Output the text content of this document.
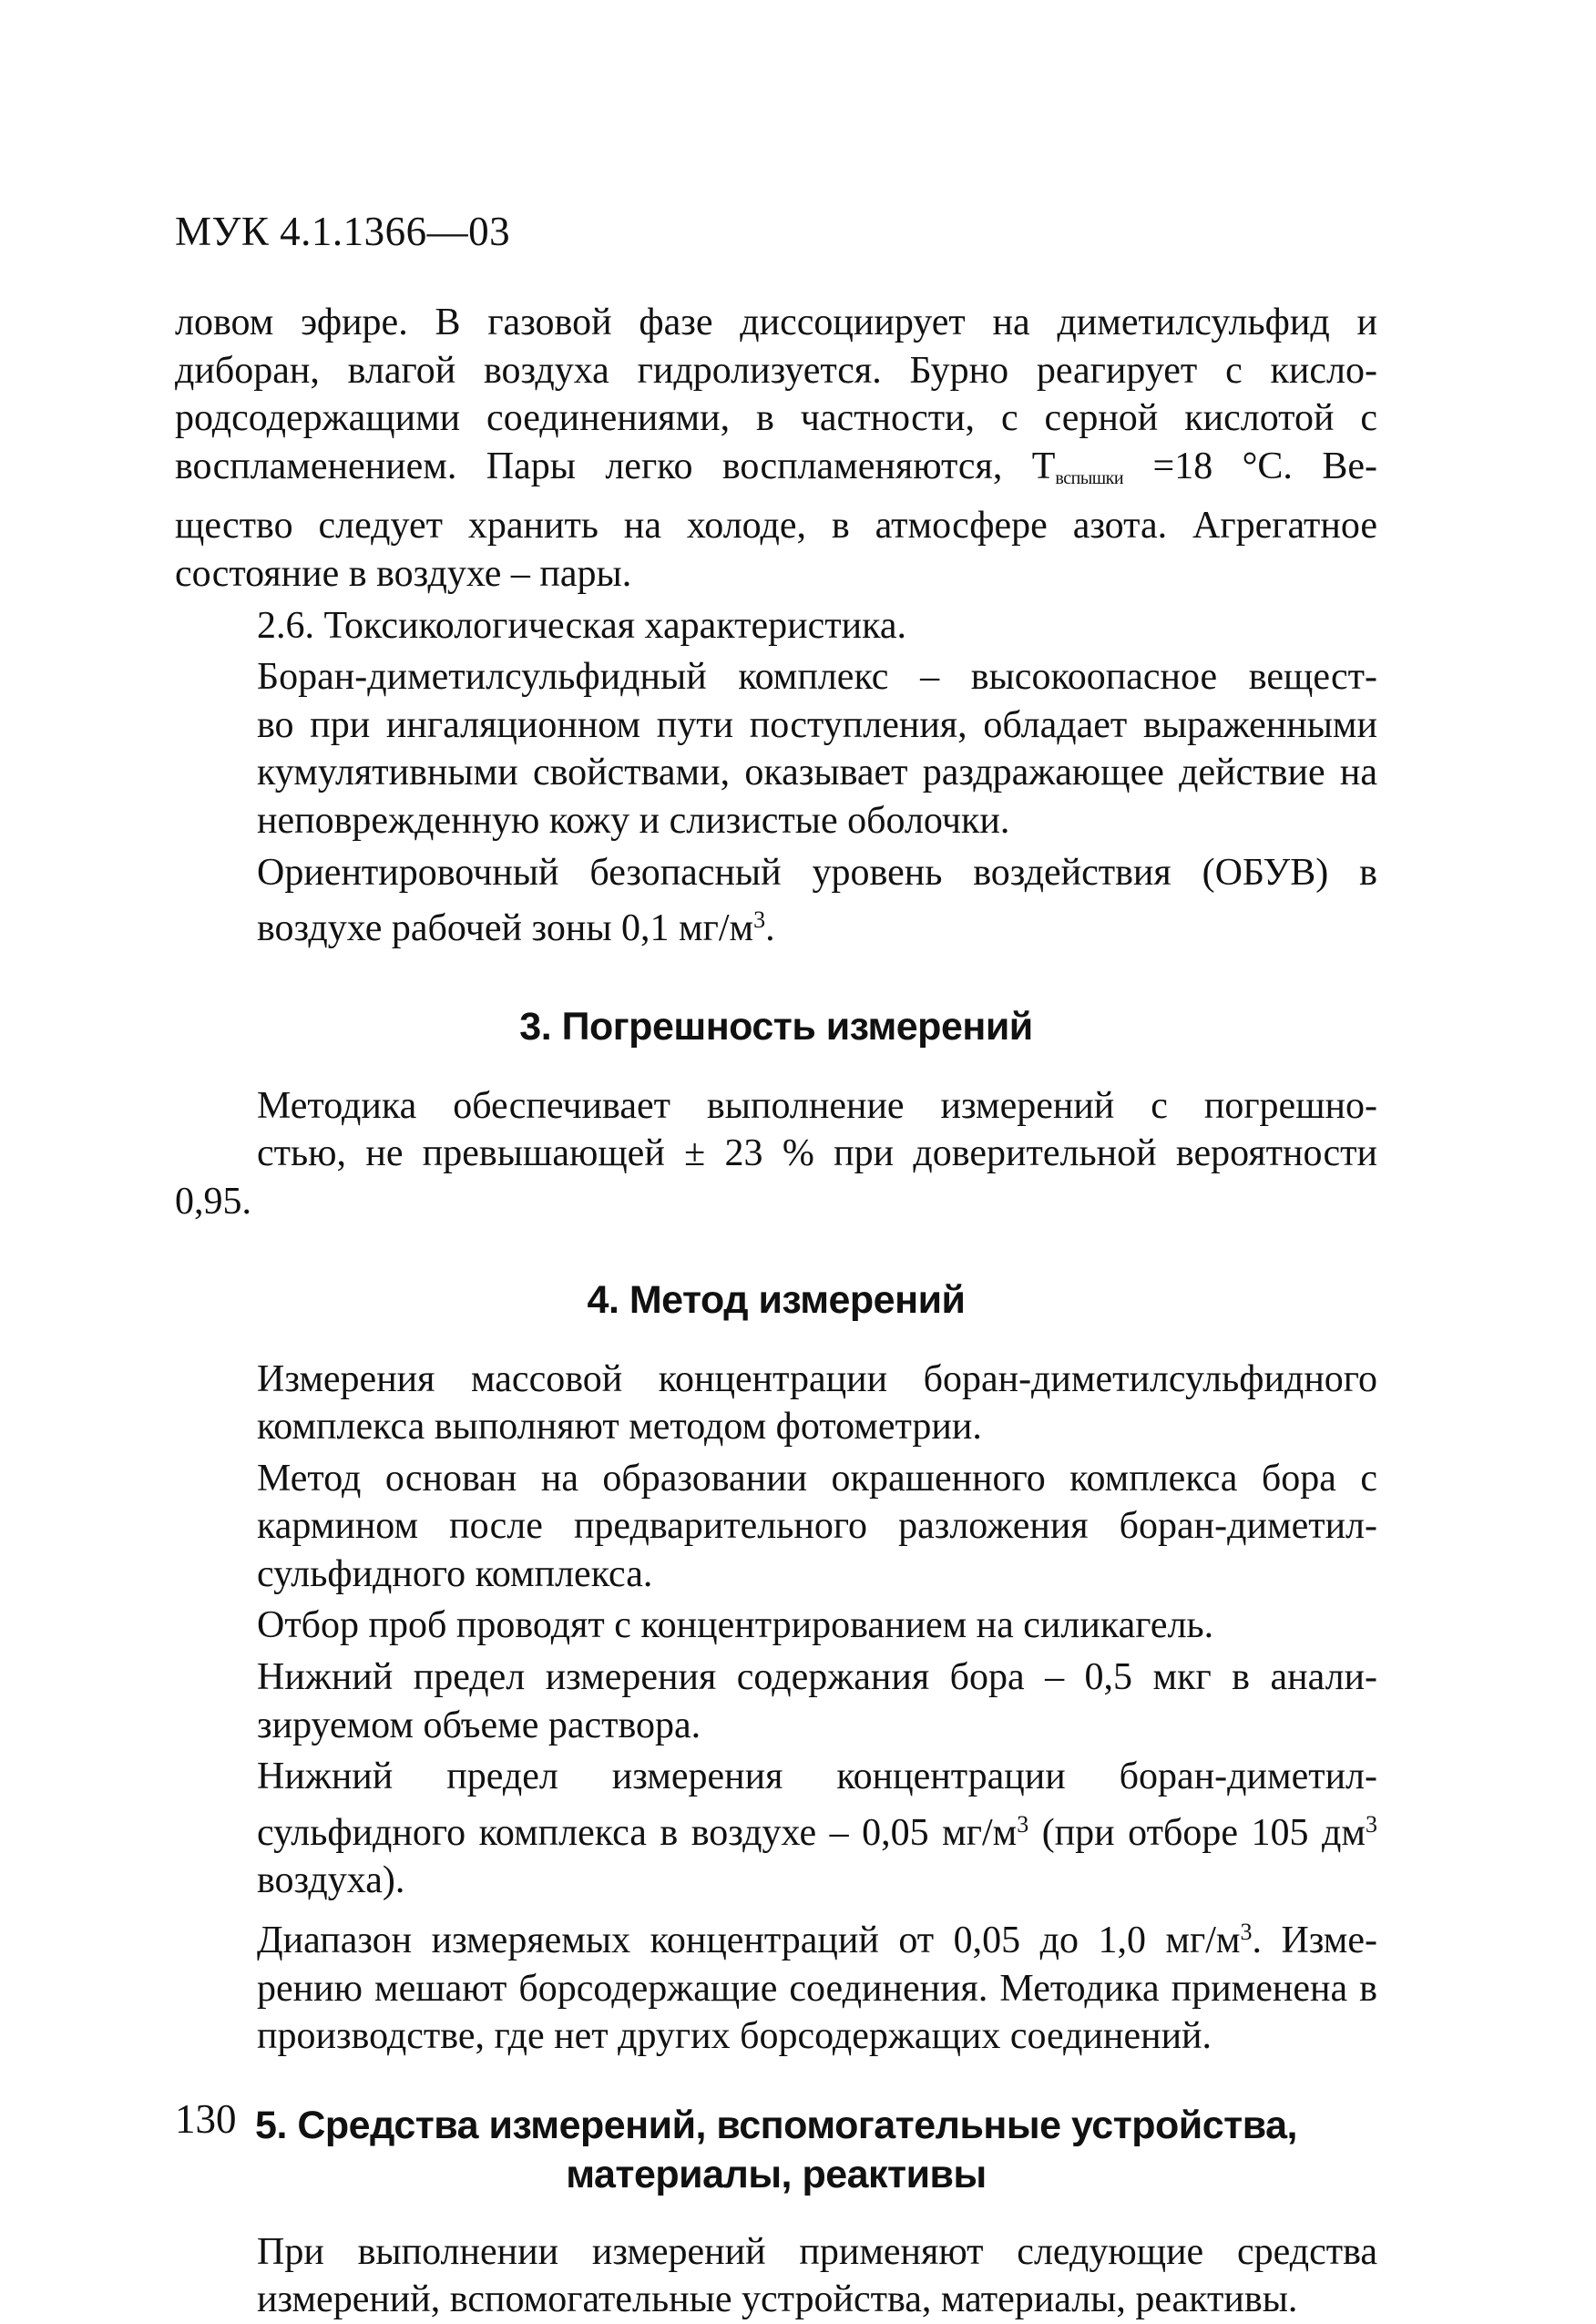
МУК 4.1.1366—03

ловом эфире. В газовой фазе диссоциирует на диметилсульфид и
диборан, влагой воздуха гидролизуется. Бурно реагирует с кисло-
родсодержащими соединениями, в частности, с серной кислотой с
воспламенением. Пары легко воспламеняются, $Т_{вспышки} =18$ °С. Ве-
щество следует хранить на холоде, в атмосфере азота. Агрегатное
состояние в воздухе – пары.

2.6. Токсикологическая характеристика.

Боран-диметилсульфидный комплекс – высокоопасное вещест-
во при ингаляционном пути поступления, обладает выраженными
кумулятивными свойствами, оказывает раздражающее действие на
неповрежденную кожу и слизистые оболочки.

Ориентировочный безопасный уровень воздействия (ОБУВ) в
воздухе рабочей зоны 0,1 $мг/м^3$.

3. Погрешность измерений

Методика обеспечивает выполнение измерений с погрешно-
стью, не превышающей ± 23 % при доверительной вероятности 0,95.

4. Метод измерений

Измерения массовой концентрации боран-диметилсульфидного
комплекса выполняют методом фотометрии.

Метод основан на образовании окрашенного комплекса бора с
кармином после предварительного разложения боран-диметил-
сульфидного комплекса.

Отбор проб проводят с концентрированием на силикагель.

Нижний предел измерения содержания бора – 0,5 мкг в анали-
зируемом объеме раствора.

Нижний предел измерения концентрации боран-диметил-
сульфидного комплекса в воздухе – 0,05 $мг/м^3$ (при отборе 105 $дм^3$
воздуха).

Диапазон измеряемых концентраций от 0,05 до 1,0 $мг/м^3$. Изме-
рению мешают борсодержащие соединения. Методика применена в
производстве, где нет других борсодержащих соединений.

5. Средства измерений, вспомогательные устройства,
материалы, реактивы

При выполнении измерений применяют следующие средства
измерений, вспомогательные устройства, материалы, реактивы.

130
